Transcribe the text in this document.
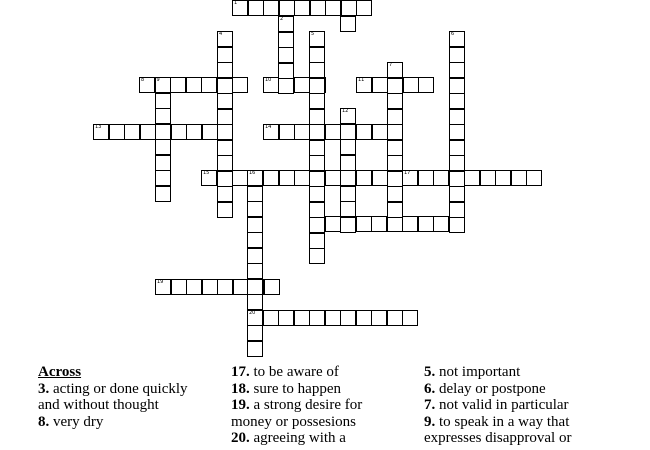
1
8 9	10	11
13	14
15	17
19
20
2
4	5	6
7
12
16
Across
3. acting or done quickly and without thought
8. very dry
17. to be aware of
18. sure to happen
19. a strong desire for money or possesions
20. agreeing with a
5. not important
6. delay or postpone
7. not valid in particular
9. to speak in a way that expresses disapproval or
